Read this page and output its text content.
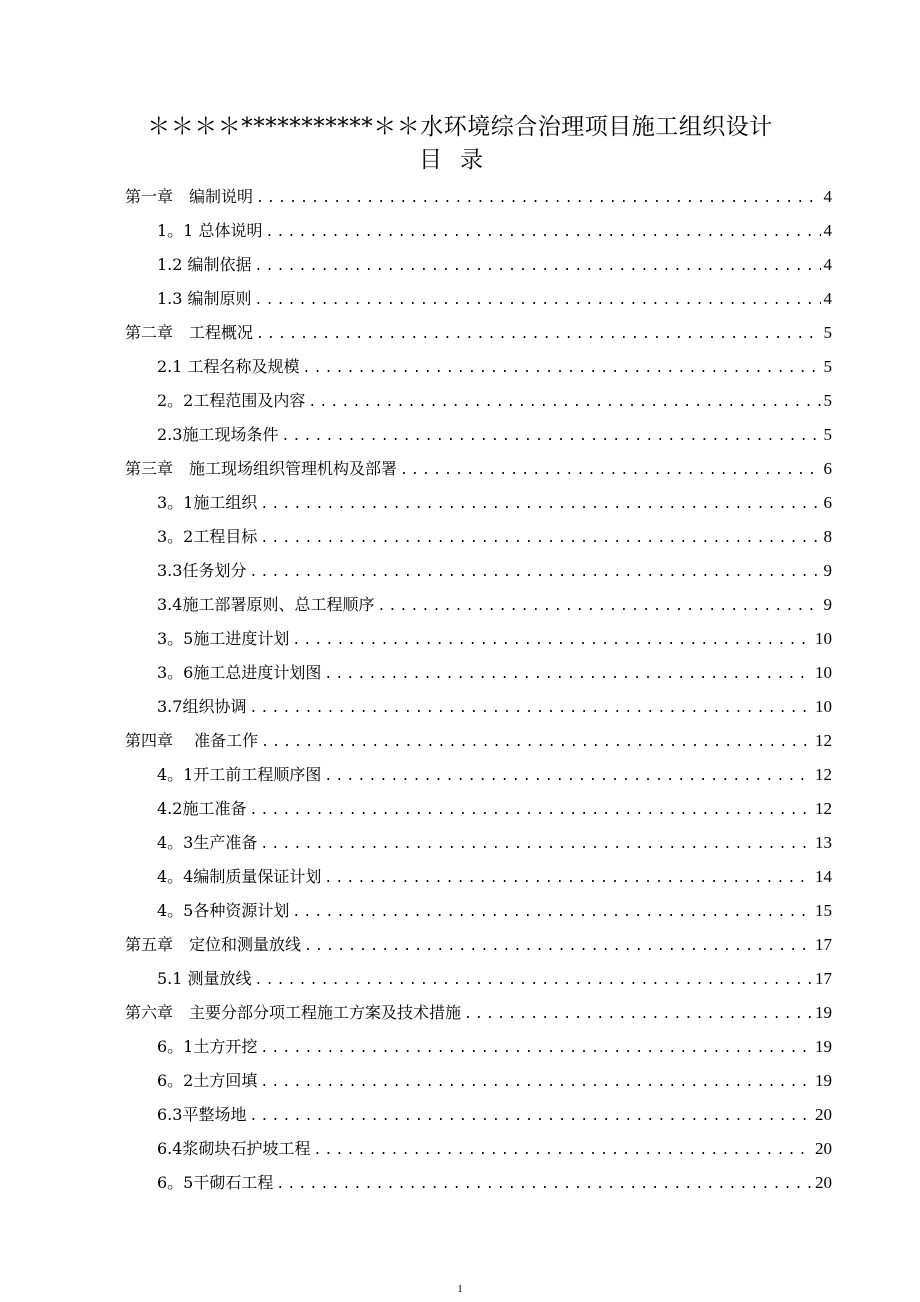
＊＊＊＊***********＊＊水环境综合治理项目施工组织设计
目录
第一章　编制说明 .....	4
1。1 总体说明 .....	4
1.2 编制依据 .....	4
1.3 编制原则 .....	4
第二章　工程概况 .....	5
2.1 工程名称及规模 .....	5
2。2工程范围及内容 .....	5
2.3施工现场条件 .....	5
第三章　施工现场组织管理机构及部署 .....	6
3。1施工组织 .....	6
3。2工程目标 .....	8
3.3任务划分 .....	9
3.4施工部署原则、总工程顺序 .....	9
3。5施工进度计划 .....	10
3。6施工总进度计划图 .....	10
3.7组织协调 .....	10
第四章　 准备工作 .....	12
4。1开工前工程顺序图 .....	12
4.2施工准备 .....	12
4。3生产准备 .....	13
4。4编制质量保证计划 .....	14
4。5各种资源计划 .....	15
第五章　定位和测量放线 .....	17
5.1 测量放线 .....	17
第六章　主要分部分项工程施工方案及技术措施 .....	19
6。1土方开挖 .....	19
6。2土方回填 .....	19
6.3平整场地 .....	20
6.4浆砌块石护坡工程 .....	20
6。5干砌石工程 .....	20
1
